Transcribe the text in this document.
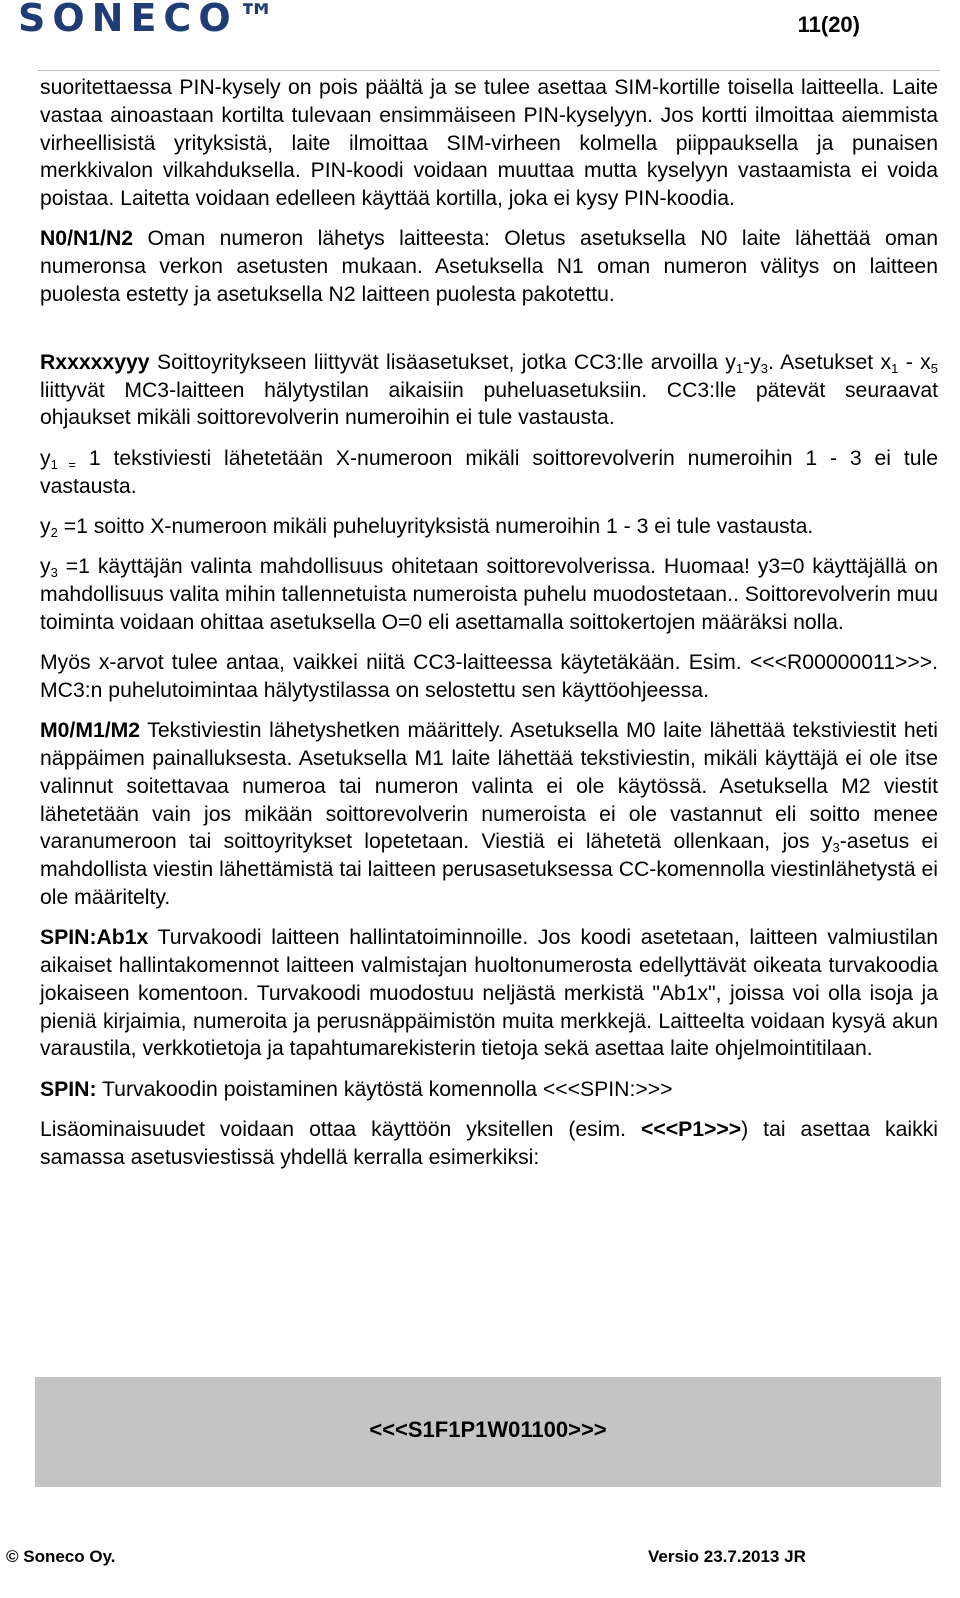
SONECO™	11(20)

suoritettaessa PIN-kysely on pois päältä ja se tulee asettaa SIM-kortille toisella laitteella. Laite vastaa ainoastaan kortilta tulevaan ensimmäiseen PIN-kyselyyn. Jos kortti ilmoittaa aiemmista virheellisistä yrityksistä, laite ilmoittaa SIM-virheen kolmella piippauksella ja punaisen merkkivalon vilkahduksella. PIN-koodi voidaan muuttaa mutta kyselyyn vastaamista ei voida poistaa. Laitetta voidaan edelleen käyttää kortilla, joka ei kysy PIN-koodia.

N0/N1/N2 Oman numeron lähetys laitteesta: Oletus asetuksella N0 laite lähettää oman numeronsa verkon asetusten mukaan. Asetuksella N1 oman numeron välitys on laitteen puolesta estetty ja asetuksella N2 laitteen puolesta pakotettu.

Rxxxxxyyy Soittoyritykseen liittyvät lisäasetukset, jotka CC3:lle arvoilla $y_1-y_3$. Asetukset $x_1 - x_5$ liittyvät MC3-laitteen hälytystilan aikaisiin puheluasetuksiin. CC3:lle pätevät seuraavat ohjaukset mikäli soittorevolverin numeroihin ei tule vastausta.

$y_{1 =}$ 1 tekstiviesti lähetetään X-numeroon mikäli soittorevolverin numeroihin 1 - 3 ei tule vastausta.

$y_2 =1$ soitto X-numeroon mikäli puheluyrityksistä numeroihin 1 - 3 ei tule vastausta.

$y_3 =1$ käyttäjän valinta mahdollisuus ohitetaan soittorevolverissa. Huomaa! y3=0 käyttäjällä on mahdollisuus valita mihin tallennetuista numeroista puhelu muodostetaan.. Soittorevolverin muu toiminta voidaan ohittaa asetuksella O=0 eli asettamalla soittokertojen määräksi nolla.

Myös x-arvot tulee antaa, vaikkei niitä CC3-laitteessa käytetäkään. Esim. <<<R00000011>>>. MC3:n puhelutoimintaa hälytystilassa on selostettu sen käyttöohjeessa.

M0/M1/M2 Tekstiviestin lähetyshetken määrittely. Asetuksella M0 laite lähettää tekstiviestit heti näppäimen painalluksesta. Asetuksella M1 laite lähettää tekstiviestin, mikäli käyttäjä ei ole itse valinnut soitettavaa numeroa tai numeron valinta ei ole käytössä. Asetuksella M2 viestit lähetetään vain jos mikään soittorevolverin numeroista ei ole vastannut eli soitto menee varanumeroon tai soittoyritykset lopetetaan. Viestiä ei lähetetä ollenkaan, jos $y_3$-asetus ei mahdollista viestin lähettämistä tai laitteen perusasetuksessa CC-komennolla viestinlähetystä ei ole määritelty.

SPIN:Ab1x Turvakoodi laitteen hallintatoiminnoille. Jos koodi asetetaan, laitteen valmiustilan aikaiset hallintakomennot laitteen valmistajan huoltonumerosta edellyttävät oikeata turvakoodia jokaiseen komentoon. Turvakoodi muodostuu neljästä merkistä "Ab1x", joissa voi olla isoja ja pieniä kirjaimia, numeroita ja perusnäppäimistön muita merkkejä. Laitteelta voidaan kysyä akun varaustila, verkkotietoja ja tapahtumarekisterin tietoja sekä asettaa laite ohjelmointitilaan.

SPIN: Turvakoodin poistaminen käytöstä komennolla <<<SPIN:>>>

Lisäominaisuudet voidaan ottaa käyttöön yksitellen (esim. <<<P1>>>) tai asettaa kaikki samassa asetusviestissä yhdellä kerralla esimerkiksi:

<<<S1F1P1W01100>>>
© Soneco Oy.	Versio 23.7.2013 JR
